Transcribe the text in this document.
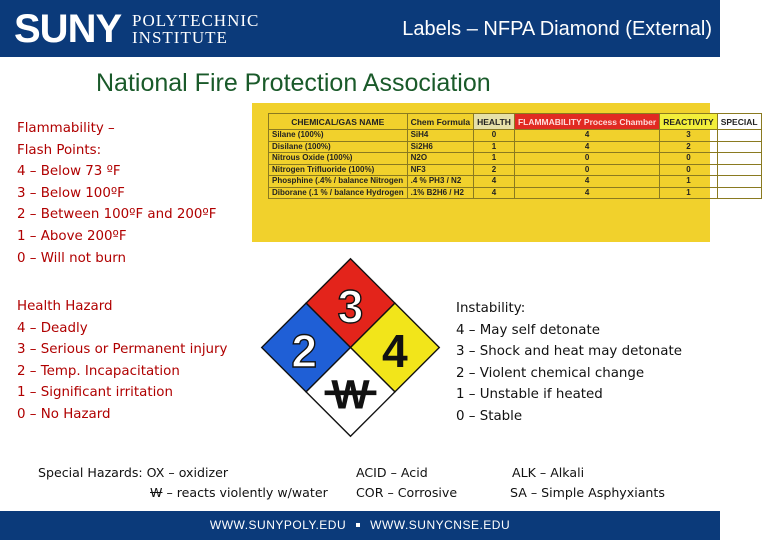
SUNY POLYTECHNIC
INSTITUTE	Labels – NFPA Diamond (External)
National Fire Protection Association
Flammability –
Flash Points:
4 – Below 73 ºF
3 – Below 100ºF
2 – Between 100ºF and 200ºF
1 – Above 200ºF
0 – Will not burn
CHEMICAL/GAS NAME	Chem Formula	HEALTH	FLAMMABILITY Process Chamber	REACTIVITY	SPECIAL
Silane (100%)	SiH4	0	4	3	
Disilane (100%)	Si2H6	1	4	2	
Nitrous Oxide (100%)	N2O	1	0	0	
Nitrogen Trifluoride (100%)	NF3	2	0	0	
Phosphine (.4% / balance Nitrogen	.4 % PH3 / N2	4	4	1	
Diborane (.1 % / balance Hydrogen	.1% B2H6 / H2	4	4	1	
Health Hazard
4 – Deadly
3 – Serious or Permanent injury
2 – Temp. Incapacitation
1 – Significant irritation
0 – No Hazard
3
2 4
W
Instability:
4 – May self detonate
3 – Shock and heat may detonate
2 – Violent chemical change
1 – Unstable if heated
0 – Stable
Special Hazards: OX – oxidizer
W – reacts violently w/water
ACID – Acid
COR – Corrosive
ALK – Alkali
SA – Simple Asphyxiants
WWW.SUNYPOLY.EDU WWW.SUNYCNSE.EDU
